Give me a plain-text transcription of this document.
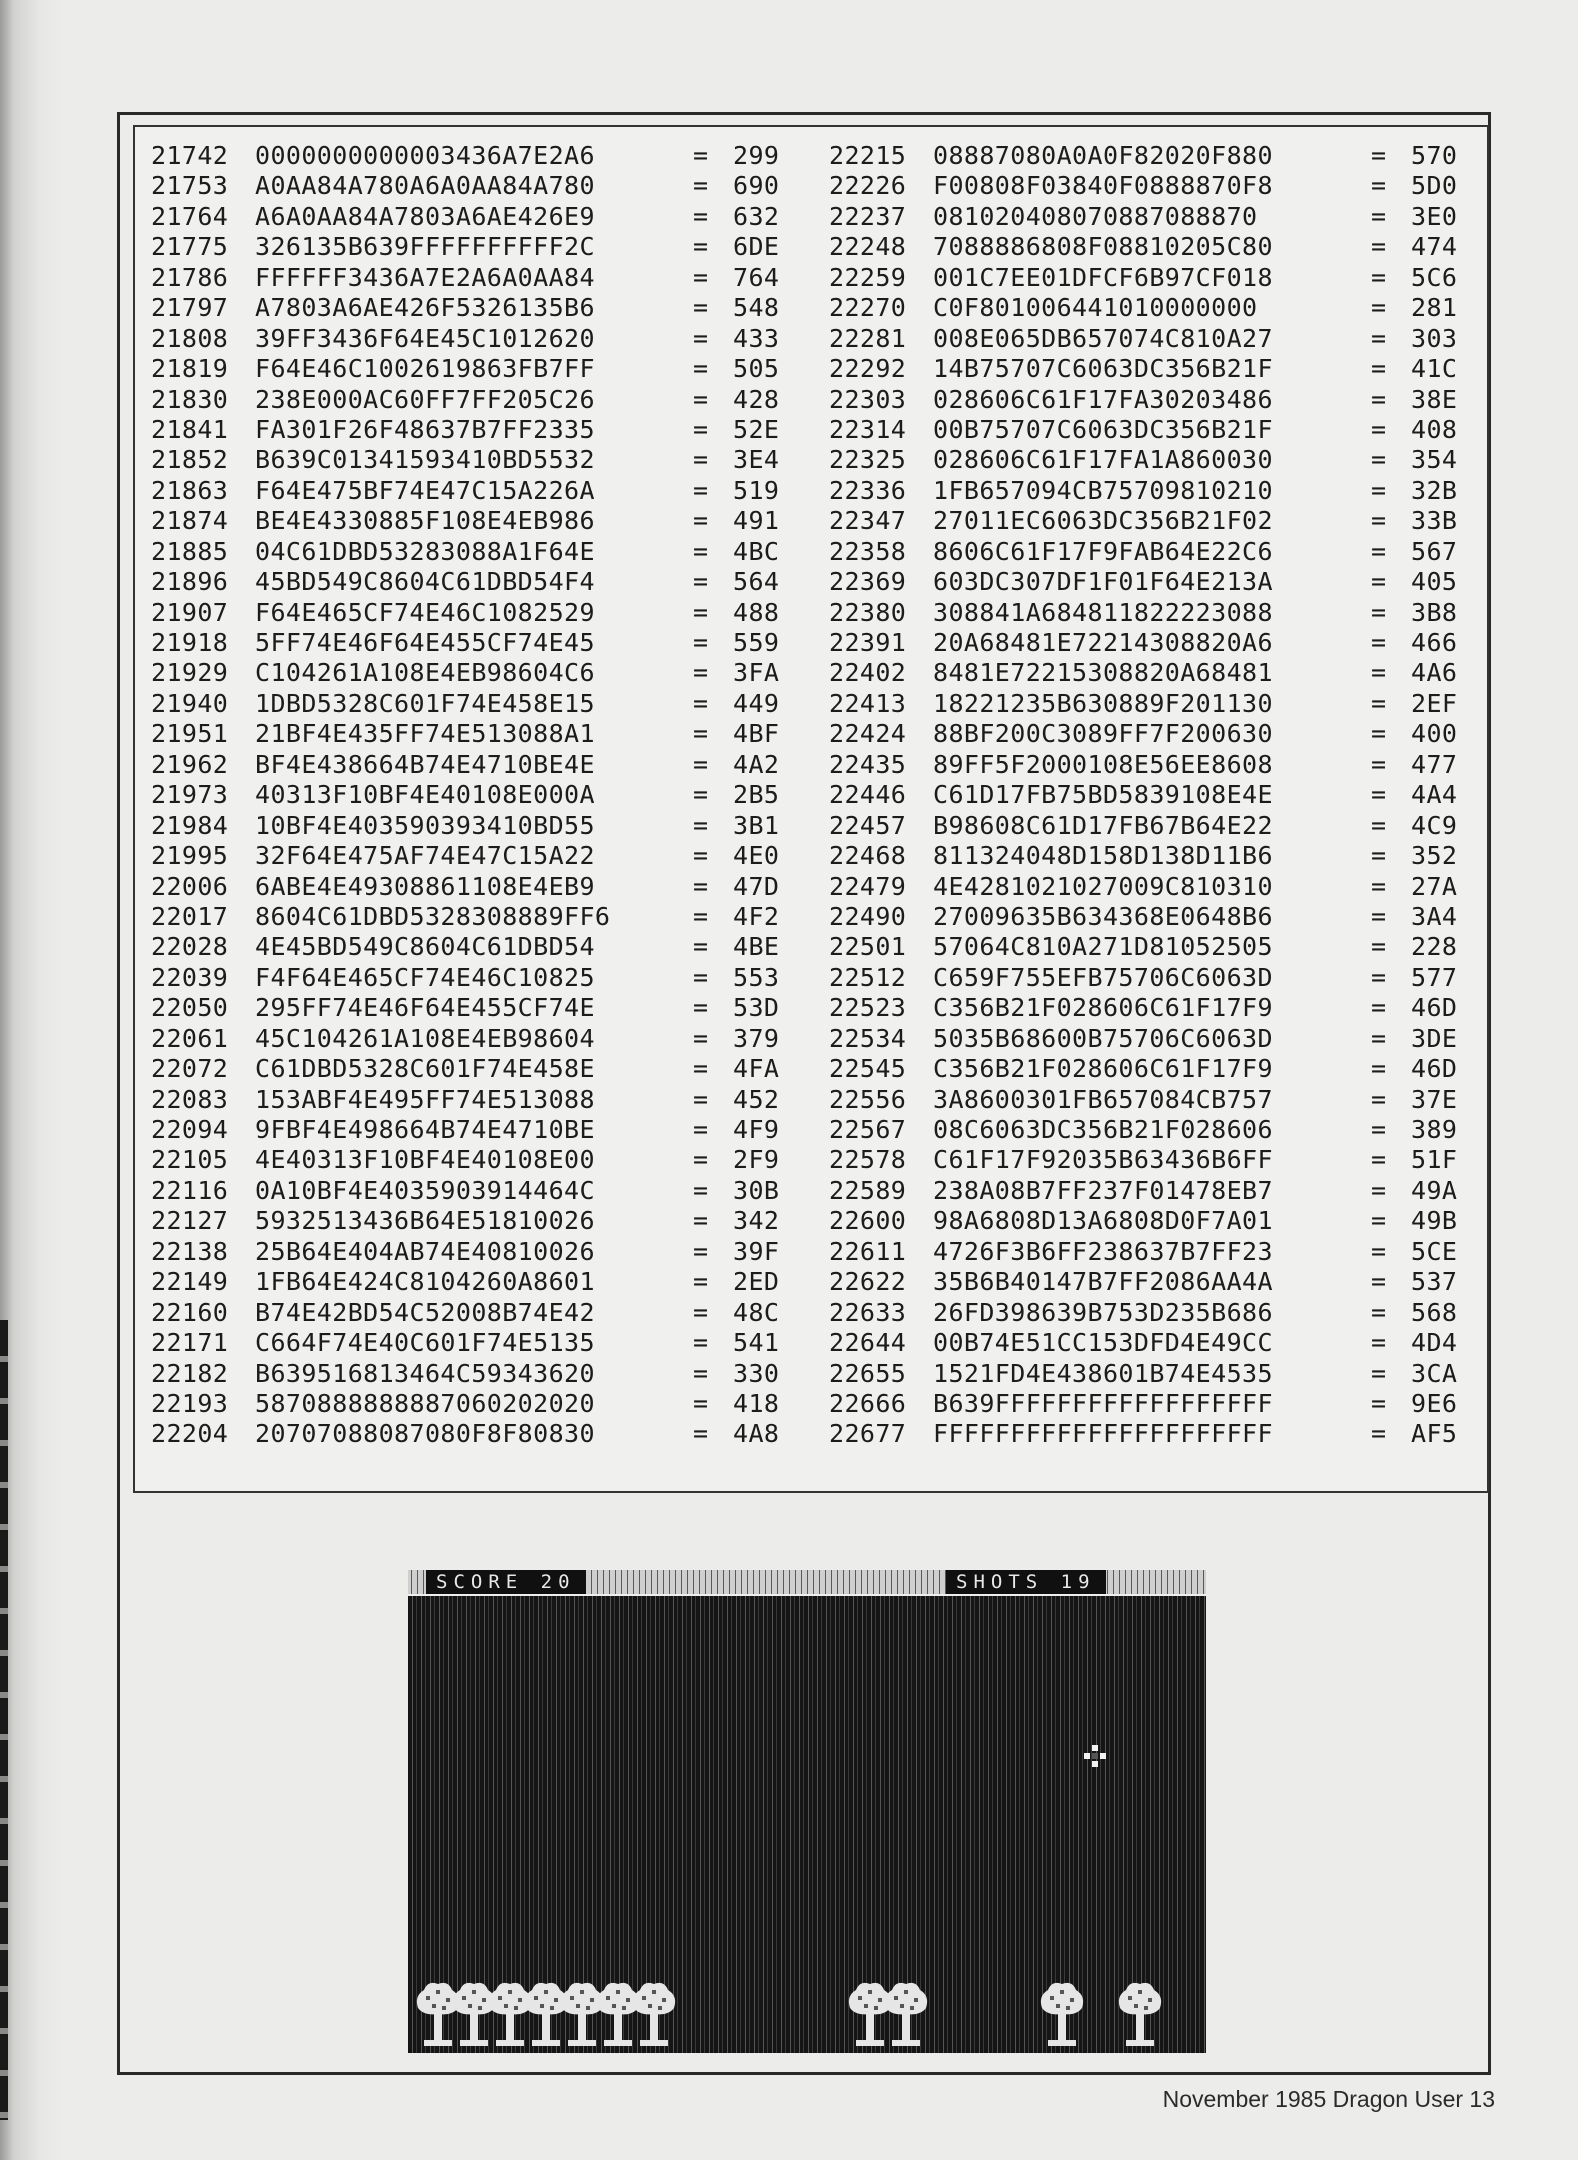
21742 0000000000003436A7E2A6	= 299
21753 A0AA84A780A6A0AA84A780	= 690
21764 A6A0AA84A7803A6AE426E9	= 632
21775 326135B639FFFFFFFFFF2C	= 6DE
21786 FFFFFF3436A7E2A6A0AA84	= 764
21797 A7803A6AE426F5326135B6	= 548
21808 39FF3436F64E45C1012620	= 433
21819 F64E46C1002619863FB7FF	= 505
21830 238E000AC60FF7FF205C26	= 428
21841 FA301F26F48637B7FF2335	= 52E
21852 B639C01341593410BD5532	= 3E4
21863 F64E475BF74E47C15A226A	= 519
21874 BE4E4330885F108E4EB986	= 491
21885 04C61DBD53283088A1F64E	= 4BC
21896 45BD549C8604C61DBD54F4	= 564
21907 F64E465CF74E46C1082529	= 488
21918 5FF74E46F64E455CF74E45	= 559
21929 C104261A108E4EB98604C6	= 3FA
21940 1DBD5328C601F74E458E15	= 449
21951 21BF4E435FF74E513088A1	= 4BF
21962 BF4E438664B74E4710BE4E	= 4A2
21973 40313F10BF4E40108E000A	= 2B5
21984 10BF4E403590393410BD55	= 3B1
21995 32F64E475AF74E47C15A22	= 4E0
22006 6ABE4E49308861108E4EB9	= 47D
22017 8604C61DBD5328308889FF6	= 4F2
22028 4E45BD549C8604C61DBD54	= 4BE
22039 F4F64E465CF74E46C10825	= 553
22050 295FF74E46F64E455CF74E	= 53D
22061 45C104261A108E4EB98604	= 379
22072 C61DBD5328C601F74E458E	= 4FA
22083 153ABF4E495FF74E513088	= 452
22094 9FBF4E498664B74E4710BE	= 4F9
22105 4E40313F10BF4E40108E00	= 2F9
22116 0A10BF4E4035903914464C	= 30B
22127 5932513436B64E51810026	= 342
22138 25B64E404AB74E40810026	= 39F
22149 1FB64E424C8104260A8601	= 2ED
22160 B74E42BD54C52008B74E42	= 48C
22171 C664F74E40C601F74E5135	= 541
22182 B639516813464C59343620	= 330
22193 5870888888887060202020	= 418
22204 20707088087080F8F80830	= 4A8
22215 08887080A0A0F82020F880	= 570
22226 F00808F03840F0888870F8	= 5D0
22237 081020408070887088870	= 3E0
22248 7088886808F08810205C80	= 474
22259 001C7EE01DFCF6B97CF018	= 5C6
22270 C0F801006441010000000	= 281
22281 008E065DB657074C810A27	= 303
22292 14B75707C6063DC356B21F	= 41C
22303 028606C61F17FA30203486	= 38E
22314 00B75707C6063DC356B21F	= 408
22325 028606C61F17FA1A860030	= 354
22336 1FB657094CB75709810210	= 32B
22347 27011EC6063DC356B21F02	= 33B
22358 8606C61F17F9FAB64E22C6	= 567
22369 603DC307DF1F01F64E213A	= 405
22380 308841A684811822223088	= 3B8
22391 20A68481E72214308820A6	= 466
22402 8481E72215308820A68481	= 4A6
22413 18221235B630889F201130	= 2EF
22424 88BF200C3089FF7F200630	= 400
22435 89FF5F2000108E56EE8608	= 477
22446 C61D17FB75BD5839108E4E	= 4A4
22457 B98608C61D17FB67B64E22	= 4C9
22468 811324048D158D138D11B6	= 352
22479 4E4281021027009C810310	= 27A
22490 27009635B634368E0648B6	= 3A4
22501 57064C810A271D81052505	= 228
22512 C659F755EFB75706C6063D	= 577
22523 C356B21F028606C61F17F9	= 46D
22534 5035B68600B75706C6063D	= 3DE
22545 C356B21F028606C61F17F9	= 46D
22556 3A8600301FB657084CB757	= 37E
22567 08C6063DC356B21F028606	= 389
22578 C61F17F92035B63436B6FF	= 51F
22589 238A08B7FF237F01478EB7	= 49A
22600 98A6808D13A6808D0F7A01	= 49B
22611 4726F3B6FF238637B7FF23	= 5CE
22622 35B6B40147B7FF2086AA4A	= 537
22633 26FD398639B753D235B686	= 568
22644 00B74E51CC153DFD4E49CC	= 4D4
22655 1521FD4E438601B74E4535	= 3CA
22666 B639FFFFFFFFFFFFFFFFFF	= 9E6
22677 FFFFFFFFFFFFFFFFFFFFFF	= AF5
SCORE 20	SHOTS 19
November 1985 Dragon User 13
